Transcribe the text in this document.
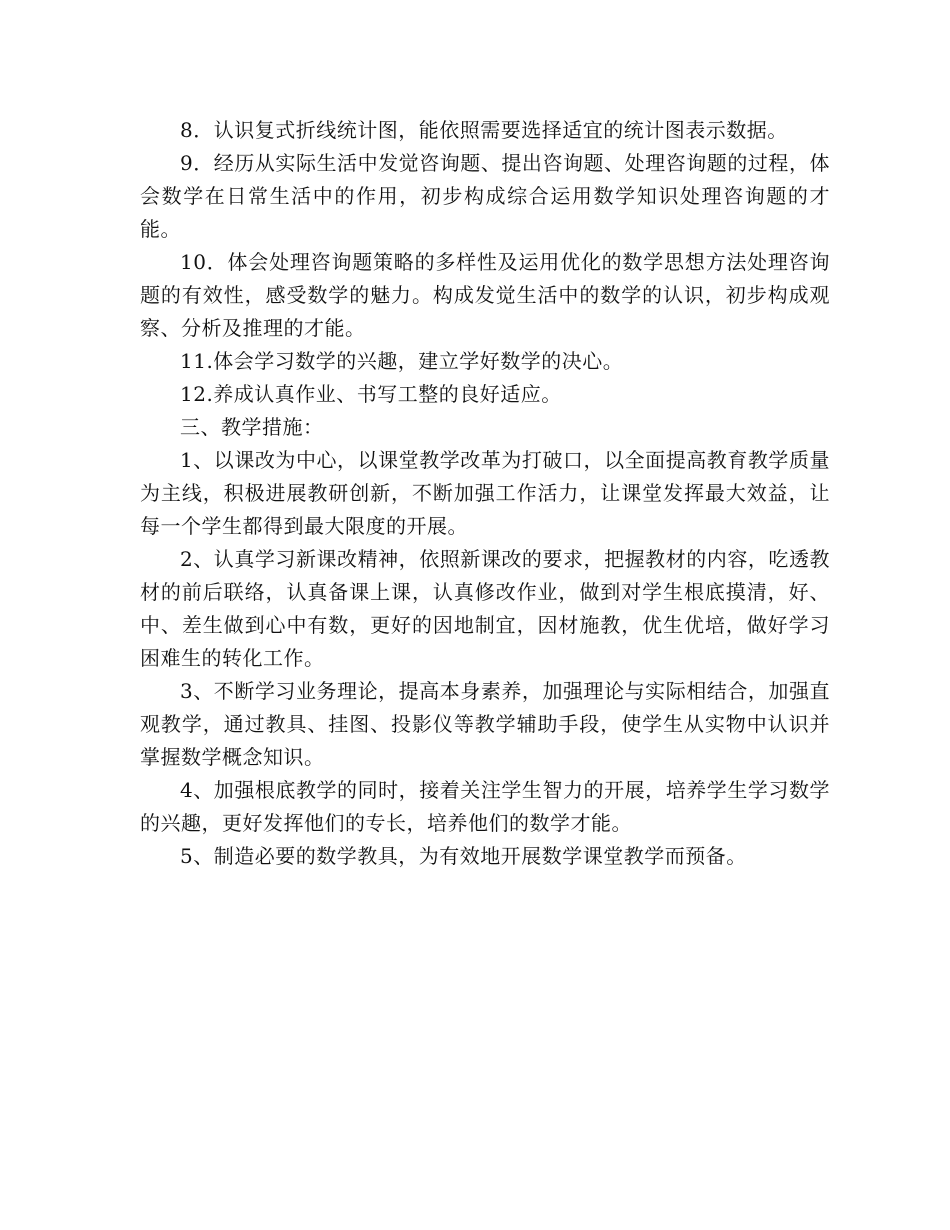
8．认识复式折线统计图，能依照需要选择适宜的统计图表示数据。

9．经历从实际生活中发觉咨询题、提出咨询题、处理咨询题的过程，体会数学在日常生活中的作用，初步构成综合运用数学知识处理咨询题的才能。

10．体会处理咨询题策略的多样性及运用优化的数学思想方法处理咨询题的有效性，感受数学的魅力。构成发觉生活中的数学的认识，初步构成观察、分析及推理的才能。

11.体会学习数学的兴趣，建立学好数学的决心。

12.养成认真作业、书写工整的良好适应。

三、教学措施：

1、以课改为中心，以课堂教学改革为打破口，以全面提高教育教学质量为主线，积极进展教研创新，不断加强工作活力，让课堂发挥最大效益，让每一个学生都得到最大限度的开展。

2、认真学习新课改精神，依照新课改的要求，把握教材的内容，吃透教材的前后联络，认真备课上课，认真修改作业，做到对学生根底摸清，好、中、差生做到心中有数，更好的因地制宜，因材施教，优生优培，做好学习困难生的转化工作。

3、不断学习业务理论，提高本身素养，加强理论与实际相结合，加强直观教学，通过教具、挂图、投影仪等教学辅助手段，使学生从实物中认识并掌握数学概念知识。

4、加强根底教学的同时，接着关注学生智力的开展，培养学生学习数学的兴趣，更好发挥他们的专长，培养他们的数学才能。

5、制造必要的数学教具，为有效地开展数学课堂教学而预备。
